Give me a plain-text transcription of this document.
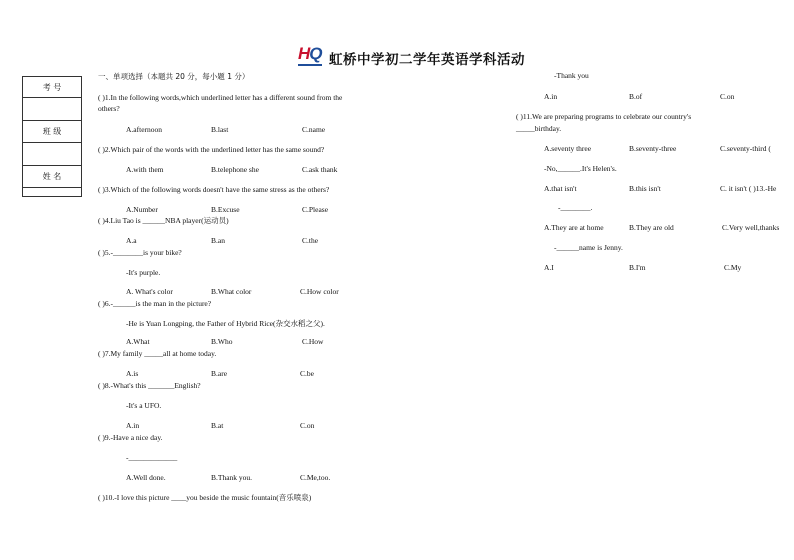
HQ 虹桥中学初二学年英语学科活动
考 号

班 级

姓 名

一、单项选择（本题共 20 分，每小题 1 分）
( )1.In the following words,which underlined letter has a different sound from the
others?
A.afternoon	B.last	C.name
( )2.Which pair of the words with the underlined letter has the same sound?
A.with them	B.telephone she	C.ask thank
( )3.Which of the following words doesn't have the same stress as the others?
A.Number	B.Excuse	C.Please
( )4.Liu Tao is ______NBA player(运动员)
A.a	B.an	C.the
( )5.-________is your bike?
-It's purple.
A. What's color	B.What color	C.How color
( )6.-______is the man in the picture?
-He is Yuan Longping, the Father of Hybrid Rice(杂交水稻之父).
A.What	B.Who	C.How
( )7.My family _____all at home today.
A.is	B.are	C.be
( )8.-What's this _______English?
-It's a UFO.
A.in	B.at	C.on
( )9.-Have a nice day.
-_____________
A.Well done.	B.Thank you.	C.Me,too.
( )10.-I love this picture ____you beside the music fountain(音乐喷泉)
-Thank you
A.in	B.of	C.on
( )11.We are preparing programs to celebrate our country's
_____birthday.
A.seventy three	B.seventy-three	C.seventy-third (
-No,______.It's Helen's.
A.that isn't	B.this isn't	C. it isn't ( )13.-He
-________.
A.They are at home	B.They are old	C.Very well,thanks
-______name is Jenny.
A.I	B.I'm	C.My
